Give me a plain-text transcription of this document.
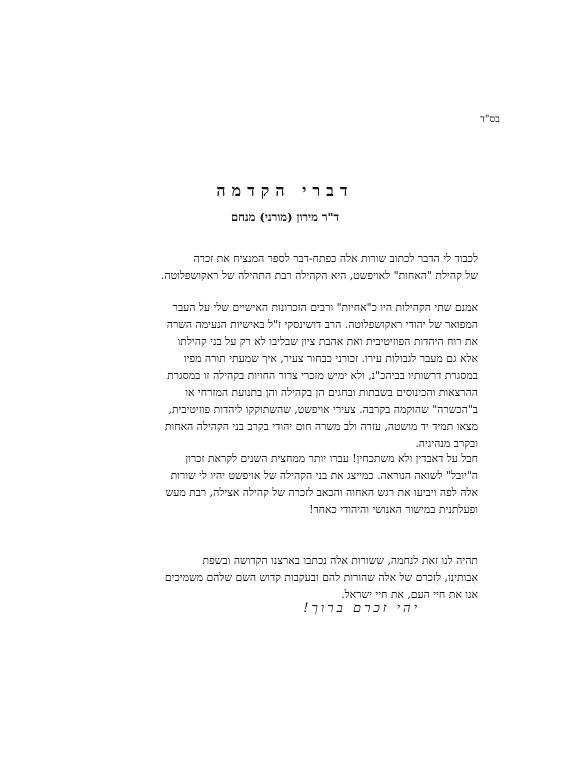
בס"ד
דברי הקדמה
ד"ר מירון (מורני) מנחם
לכבוד לי הדבר לכתוב שורות אלה כפתח-דבר לספר המנציח את זכרה
של קהילת "האחות" לאויפשט, היא הקהילה רבת התהילה של ראקושפלוטה.
אמנם שתי הקהילות היו כ"אחיות" ורבים הזכרונות האישיים שלי על העבר
המפואר של יהודי ראקושפלוטה. הרב דושינסקי ז"ל באישיות הנעימה השרה
את רוח היהדות הפוזיטיבית ואת אהבת ציון שבליבו לא רק על בני קהילתו
אלא גם מעבר לגבולות עירו. זכורני כבחור צעיר, איך שמעתי תורה מפיו
במסגרת דרשותיו בביהכ"נ, ולא ימיש מזכרי צרור החויות בקהילה זו במסגרת
ההרצאות והכינוסים בשבתות ובחגים הן בקהילה והן בתנועת המזרחי או
ב"הכשרה" שהוקמה בקרבה. צעירי אויפשט, שהשתוקקו ליהדות פוזיטיבית,
מצאו תמיד יד מושטה, עזרה ולב משרה חום יהודי בקרב בני הקהילה האחות
ובקרב מנהיגיה.
חבל על דאבדין ולא משתכחין! עברו יותר ממחצית השנים לקראת זכרון
ה"יובל" לשואה הנוראה. כמייצג את בני הקהילה של אויפשט יהיו לי שורות
אלה לפה ויביעו את רגש האחוה והכאב לזכרה של קהילה אצילה, רבת מעש
ופעלתנית במישור האנושי והיהודי כאחד!
תהיה לנו זאת לנחמה, ששורות אלה נכתבו בארצנו הקדושה ובשפת
אבותינו, לזכרם של אלה שהורות להם ובעקבות קדוש השם שלהם משמיכים
אנו את חיי העם, את חיי ישראל.
יהי זכרם ברוך!
